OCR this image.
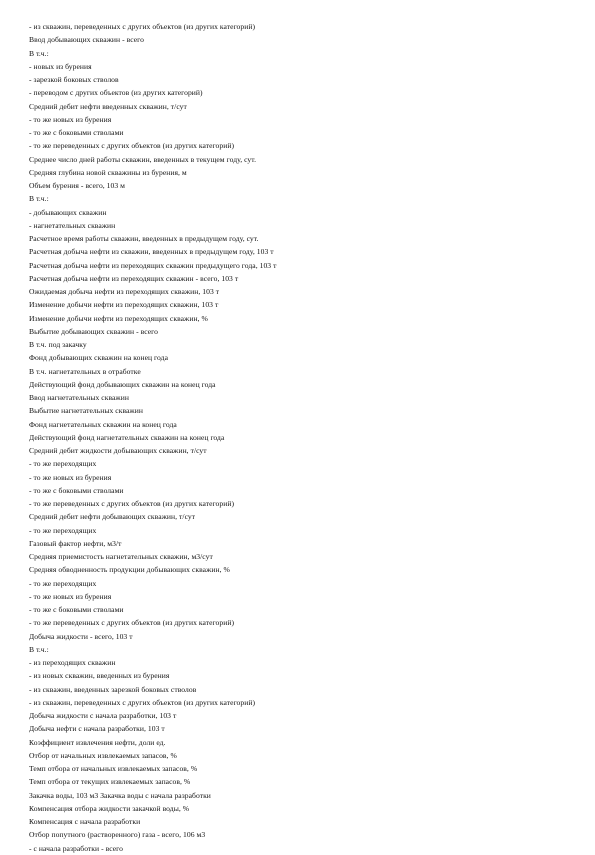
- из скважин, переведенных с других объектов (из других категорий)
Ввод добывающих скважин - всего
В т.ч.:
- новых из бурения
- зарезкой боковых стволов
- переводом с других объектов (из других категорий)
Средний дебит нефти введенных скважин, т/сут
- то же новых из бурения
- то же с боковыми стволами
- то же переведенных с других объектов (из других категорий)
Среднее число дней работы скважин, введенных в текущем году, сут.
Средняя глубина новой скважины из бурения, м
Объем бурения - всего, 103 м
В т.ч.:
- добывающих скважин
- нагнетательных скважин
Расчетное время работы скважин, введенных в предыдущем году, сут.
Расчетная добыча нефти из скважин, введенных в предыдущем году, 103 т
Расчетная добыча нефти из переходящих скважин предыдущего года, 103 т
Расчетная добыча нефти из переходящих скважин - всего, 103 т
Ожидаемая добыча нефти из переходящих скважин, 103 т
Изменение добычи нефти из переходящих скважин, 103 т
Изменение добычи нефти из переходящих скважин, %
Выбытие добывающих скважин - всего
В т.ч. под закачку
Фонд добывающих скважин на конец года
В т.ч. нагнетательных в отработке
Действующий фонд добывающих скважин на конец года
Ввод нагнетательных скважин
Выбытие нагнетательных скважин
Фонд нагнетательных скважин на конец года
Действующий фонд нагнетательных скважин на конец года
Средний дебит жидкости добывающих скважин, т/сут
- то же переходящих
- то же новых из бурения
- то же с боковыми стволами
- то же переведенных с других объектов (из других категорий)
Средний дебит нефти добывающих скважин, т/сут
- то же переходящих
Газовый фактор нефти, м3/т
Средняя приемистость нагнетательных скважин, м3/сут
Средняя обводненность продукции добывающих скважин, %
- то же переходящих
- то же новых из бурения
- то же с боковыми стволами
- то же переведенных с других объектов (из других категорий)
Добыча жидкости - всего, 103 т
В т.ч.:
- из переходящих скважин
- из новых скважин, введенных из бурения
- из скважин, введенных зарезкой боковых стволов
- из скважин, переведенных с других объектов (из других категорий)
Добыча жидкости с начала разработки, 103 т
Добыча нефти с начала разработки, 103 т
Коэффициент извлечения нефти, доли ед.
Отбор от начальных извлекаемых запасов, %
Темп отбора от начальных извлекаемых запасов, %
Темп отбора от текущих извлекаемых запасов, %
Закачка воды, 103 м3 Закачка воды с начала разработки
Компенсация отбора жидкости закачкой воды, %
Компенсация с начала разработки
Отбор попутного (растворенного) газа - всего, 106 м3
- с начала разработки - всего
